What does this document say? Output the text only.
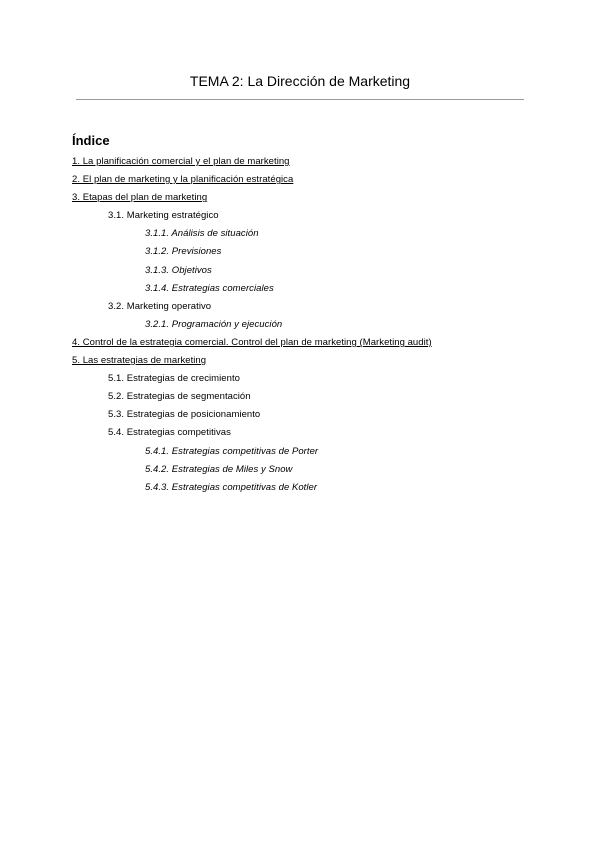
TEMA 2: La Dirección de Marketing
Índice
1. La planificación comercial y el plan de marketing
2. El plan de marketing y la planificación estratégica
3. Etapas del plan de marketing
3.1. Marketing estratégico
3.1.1. Análisis de situación
3.1.2. Previsiones
3.1.3. Objetivos
3.1.4. Estrategias comerciales
3.2. Marketing operativo
3.2.1. Programación y ejecución
4. Control de la estrategia comercial. Control del plan de marketing (Marketing audit)
5. Las estrategias de marketing
5.1. Estrategias de crecimiento
5.2. Estrategias de segmentación
5.3. Estrategias de posicionamiento
5.4. Estrategias competitivas
5.4.1. Estrategias competitivas de Porter
5.4.2. Estrategias de Miles y Snow
5.4.3. Estrategias competitivas de Kotler
